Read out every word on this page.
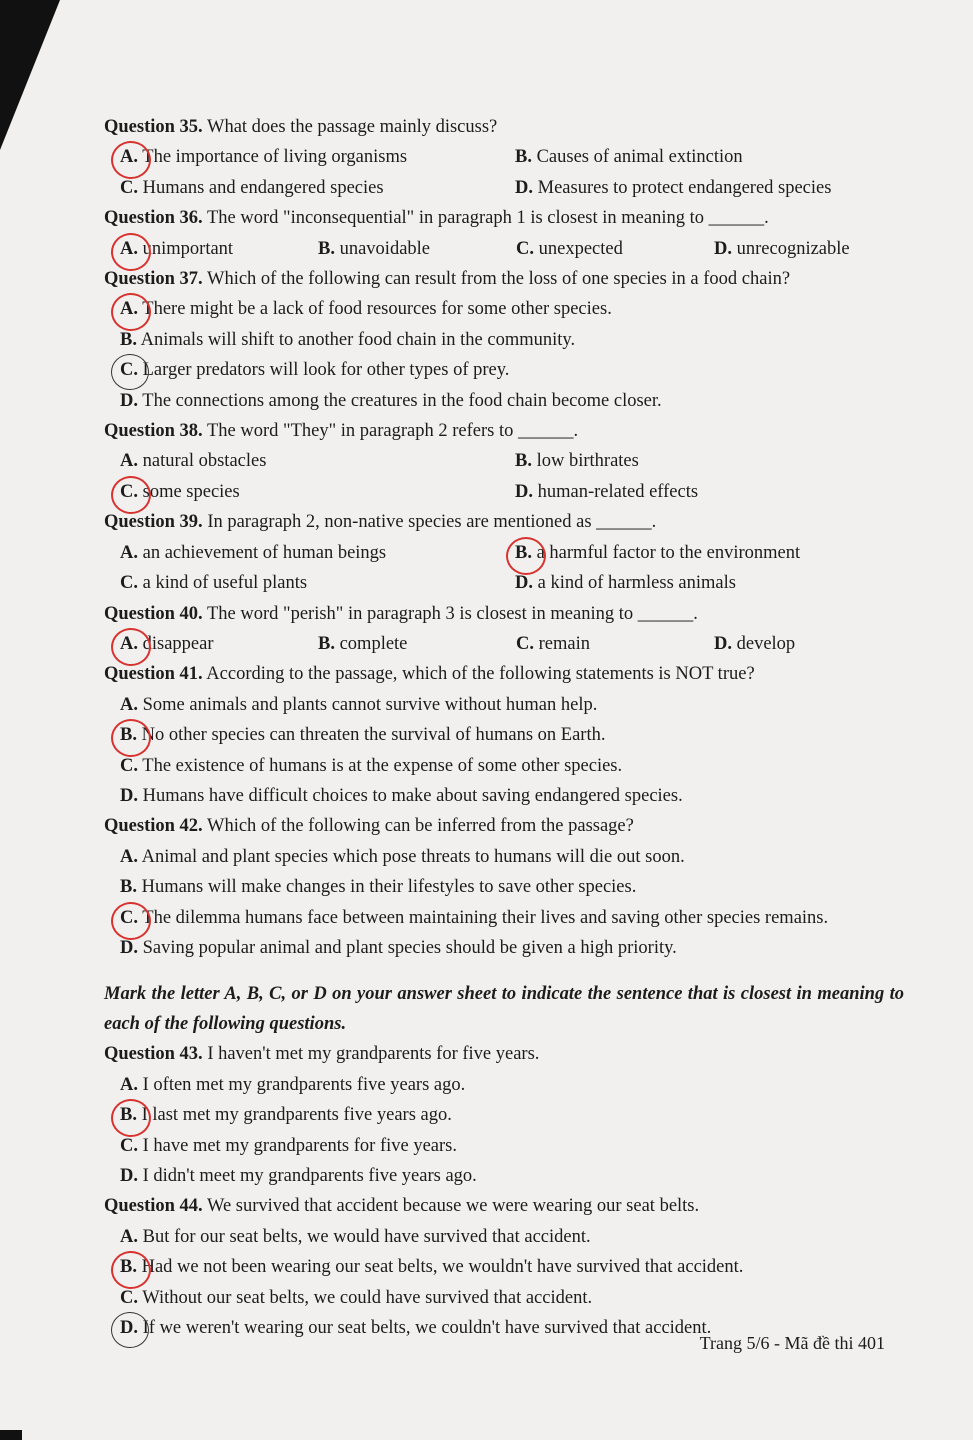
Question 35. What does the passage mainly discuss?
A. The importance of living organisms	B. Causes of animal extinction
C. Humans and endangered species	D. Measures to protect endangered species
Question 36. The word "inconsequential" in paragraph 1 is closest in meaning to ______.
A. unimportant	B. unavoidable	C. unexpected	D. unrecognizable
Question 37. Which of the following can result from the loss of one species in a food chain?
A. There might be a lack of food resources for some other species.
B. Animals will shift to another food chain in the community.
C. Larger predators will look for other types of prey.
D. The connections among the creatures in the food chain become closer.
Question 38. The word "They" in paragraph 2 refers to ______.
A. natural obstacles	B. low birthrates
C. some species	D. human-related effects
Question 39. In paragraph 2, non-native species are mentioned as ______.
A. an achievement of human beings	B. a harmful factor to the environment
C. a kind of useful plants	D. a kind of harmless animals
Question 40. The word "perish" in paragraph 3 is closest in meaning to ______.
A. disappear	B. complete	C. remain	D. develop
Question 41. According to the passage, which of the following statements is NOT true?
A. Some animals and plants cannot survive without human help.
B. No other species can threaten the survival of humans on Earth.
C. The existence of humans is at the expense of some other species.
D. Humans have difficult choices to make about saving endangered species.
Question 42. Which of the following can be inferred from the passage?
A. Animal and plant species which pose threats to humans will die out soon.
B. Humans will make changes in their lifestyles to save other species.
C. The dilemma humans face between maintaining their lives and saving other species remains.
D. Saving popular animal and plant species should be given a high priority.
Mark the letter A, B, C, or D on your answer sheet to indicate the sentence that is closest in meaning to each of the following questions.
Question 43. I haven't met my grandparents for five years.
A. I often met my grandparents five years ago.
B. I last met my grandparents five years ago.
C. I have met my grandparents for five years.
D. I didn't meet my grandparents five years ago.
Question 44. We survived that accident because we were wearing our seat belts.
A. But for our seat belts, we would have survived that accident.
B. Had we not been wearing our seat belts, we wouldn't have survived that accident.
C. Without our seat belts, we could have survived that accident.
D. If we weren't wearing our seat belts, we couldn't have survived that accident.
Trang 5/6 - Mã đề thi 401
